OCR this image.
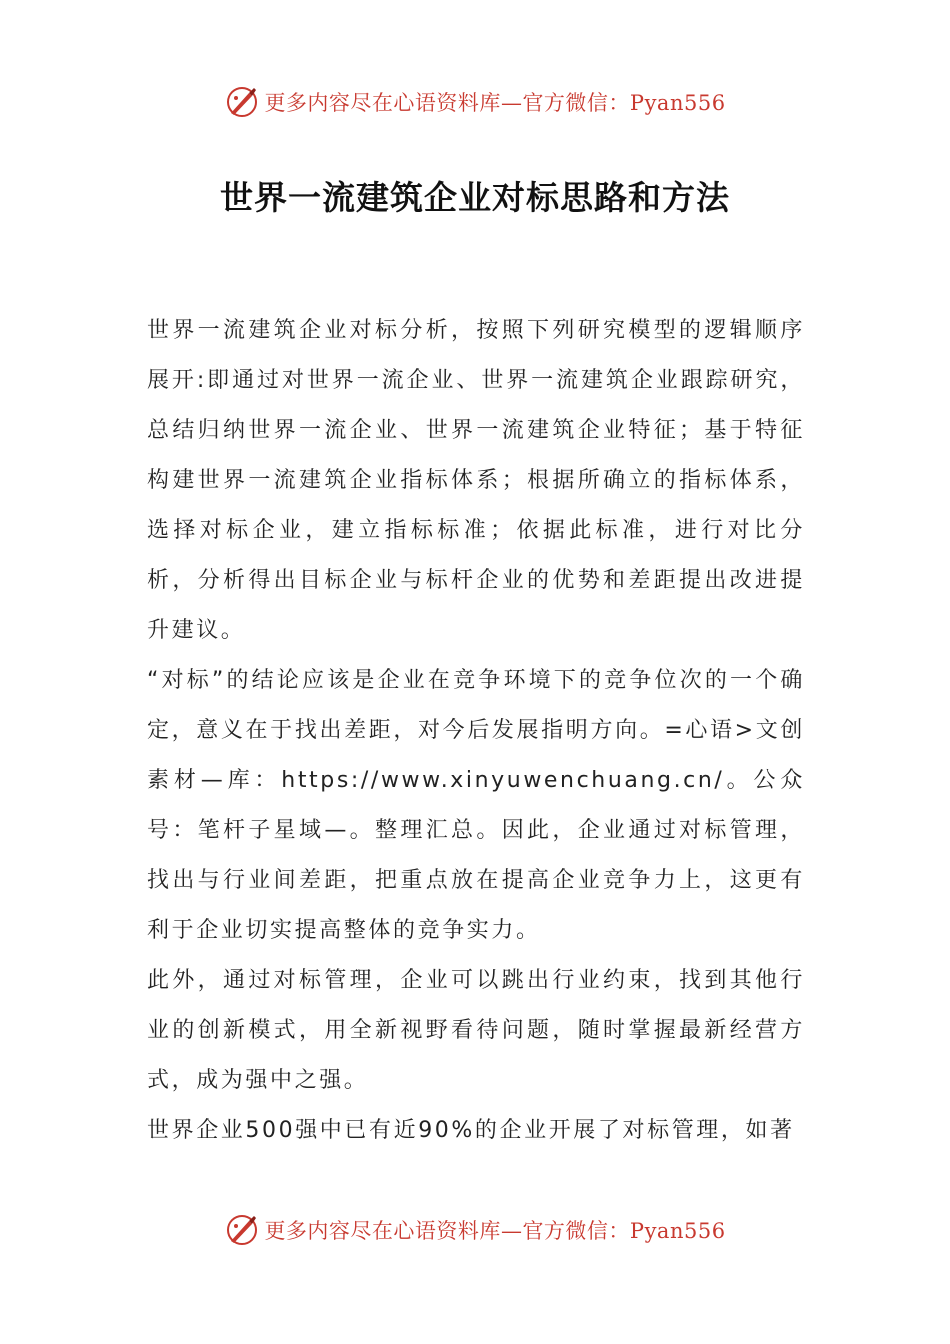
更多内容尽在心语资料库—官方微信：Pyan556
世界一流建筑企业对标思路和方法

世界一流建筑企业对标分析，按照下列研究模型的逻辑顺序展开:即通过对世界一流企业、世界一流建筑企业跟踪研究，总结归纳世界一流企业、世界一流建筑企业特征；基于特征构建世界一流建筑企业指标体系；根据所确立的指标体系，选择对标企业，建立指标标准；依据此标准，进行对比分析，分析得出目标企业与标杆企业的优势和差距提出改进提升建议。

“对标”的结论应该是企业在竞争环境下的竞争位次的一个确定，意义在于找出差距，对今后发展指明方向。=心语>文创素材—库：https://www.xinyuwenchuang.cn/。公众号：笔杆子星域—。整理汇总。因此，企业通过对标管理，找出与行业间差距，把重点放在提高企业竞争力上，这更有利于企业切实提高整体的竞争实力。

此外，通过对标管理，企业可以跳出行业约束，找到其他行业的创新模式，用全新视野看待问题，随时掌握最新经营方式，成为强中之强。

世界企业500强中已有近90%的企业开展了对标管理，如著

更多内容尽在心语资料库—官方微信：Pyan556
